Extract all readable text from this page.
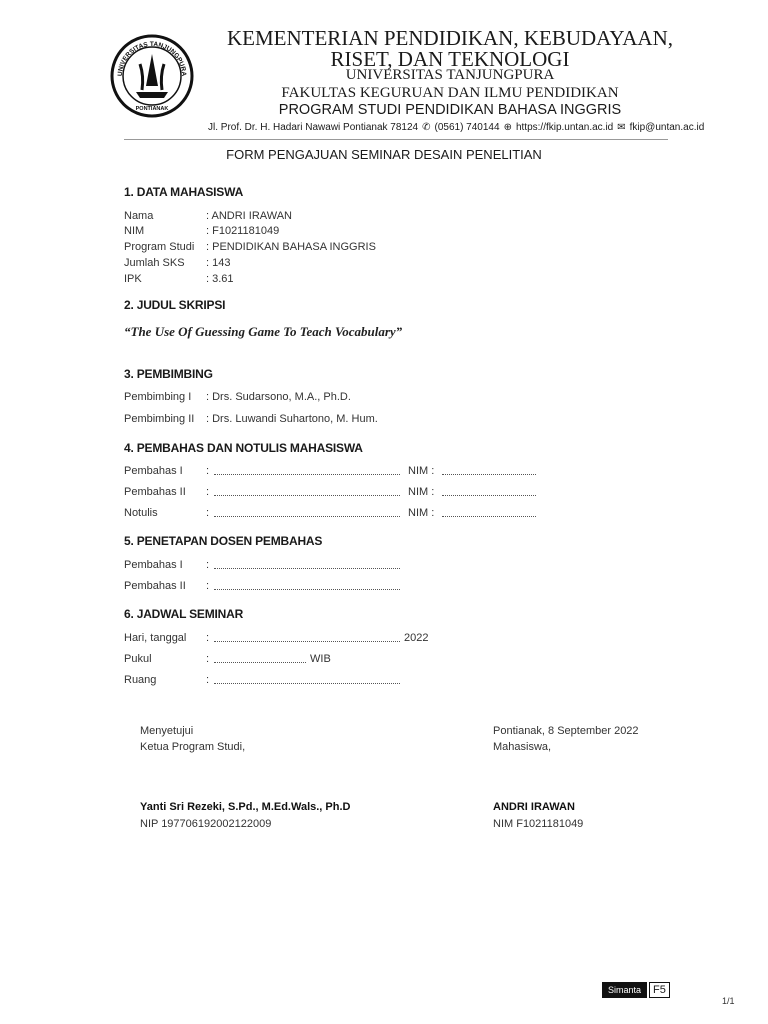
UNIVERSITAS TANJUNGPURA
PONTIANAK
KEMENTERIAN PENDIDIKAN, KEBUDAYAAN,
RISET, DAN TEKNOLOGI
UNIVERSITAS TANJUNGPURA
FAKULTAS KEGURUAN DAN ILMU PENDIDIKAN
PROGRAM STUDI PENDIDIKAN BAHASA INGGRIS
Jl. Prof. Dr. H. Hadari Nawawi Pontianak 78124 ✆ (0561) 740144 ⊕ https://fkip.untan.ac.id ✉ fkip@untan.ac.id
FORM PENGAJUAN SEMINAR DESAIN PENELITIAN
1. DATA MAHASISWA
Nama	: ANDRI IRAWAN
NIM	: F1021181049
Program Studi	: PENDIDIKAN BAHASA INGGRIS
Jumlah SKS	: 143
IPK	: 3.61
2. JUDUL SKRIPSI
“The Use Of Guessing Game To Teach Vocabulary”
3. PEMBIMBING
Pembimbing I	: Drs. Sudarsono, M.A., Ph.D.
Pembimbing II	: Drs. Luwandi Suhartono, M. Hum.
4. PEMBAHAS DAN NOTULIS MAHASISWA
Pembahas I	:	NIM :
Pembahas II	:	NIM :
Notulis	:	NIM :
5. PENETAPAN DOSEN PEMBAHAS
Pembahas I	:
Pembahas II	:
6. JADWAL SEMINAR
Hari, tanggal	:	2022
Pukul	:	WIB
Ruang	:
Menyetujui
Ketua Program Studi,
Yanti Sri Rezeki, S.Pd., M.Ed.Wals., Ph.D
NIP 197706192002122009
Pontianak, 8 September 2022
Mahasiswa,
ANDRI IRAWAN
NIM F1021181049
Simanta	F5
1/1
